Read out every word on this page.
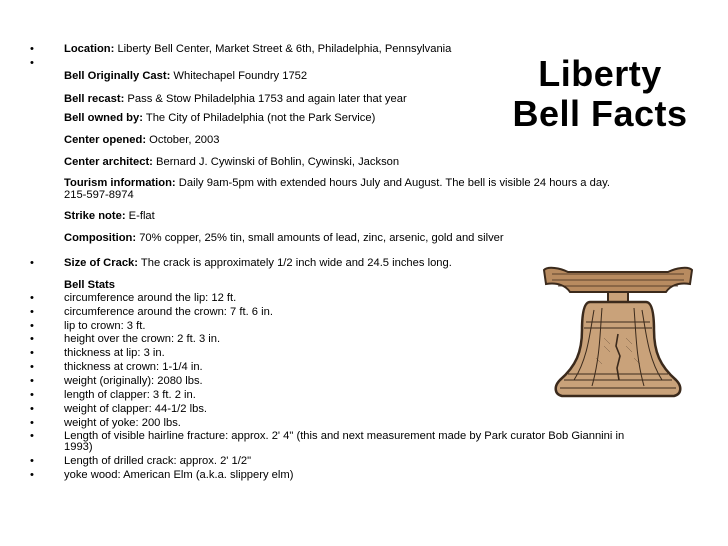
Liberty
Bell Facts
•	Location: Liberty Bell Center, Market Street & 6th, Philadelphia, Pennsylvania
•
Bell Originally Cast: Whitechapel Foundry 1752
Bell recast: Pass & Stow Philadelphia 1753 and again later that year
Bell owned by: The City of Philadelphia (not the Park Service)
Center opened: October, 2003
Center architect: Bernard J. Cywinski of Bohlin, Cywinski, Jackson
Tourism information: Daily 9am-5pm with extended hours July and August. The bell is visible 24 hours a day.
215-597-8974
Strike note: E-flat
Composition: 70% copper, 25% tin, small amounts of lead, zinc, arsenic, gold and silver
•	Size of Crack: The crack is approximately 1/2 inch wide and 24.5 inches long.
Bell Stats
•	circumference around the lip: 12 ft.
•	circumference around the crown: 7 ft. 6 in.
•	lip to crown: 3 ft.
•	height over the crown: 2 ft. 3 in.
•	thickness at lip: 3 in.
•	thickness at crown: 1-1/4 in.
•	weight (originally): 2080 lbs.
•	length of clapper: 3 ft. 2 in.
•	weight of clapper: 44-1/2 lbs.
•	weight of yoke: 200 lbs.
•	Length of visible hairline fracture: approx. 2' 4" (this and next measurement made by Park curator Bob Giannini in
1993)
•	Length of drilled crack: approx. 2' 1/2"
•	yoke wood: American Elm (a.k.a. slippery elm)
